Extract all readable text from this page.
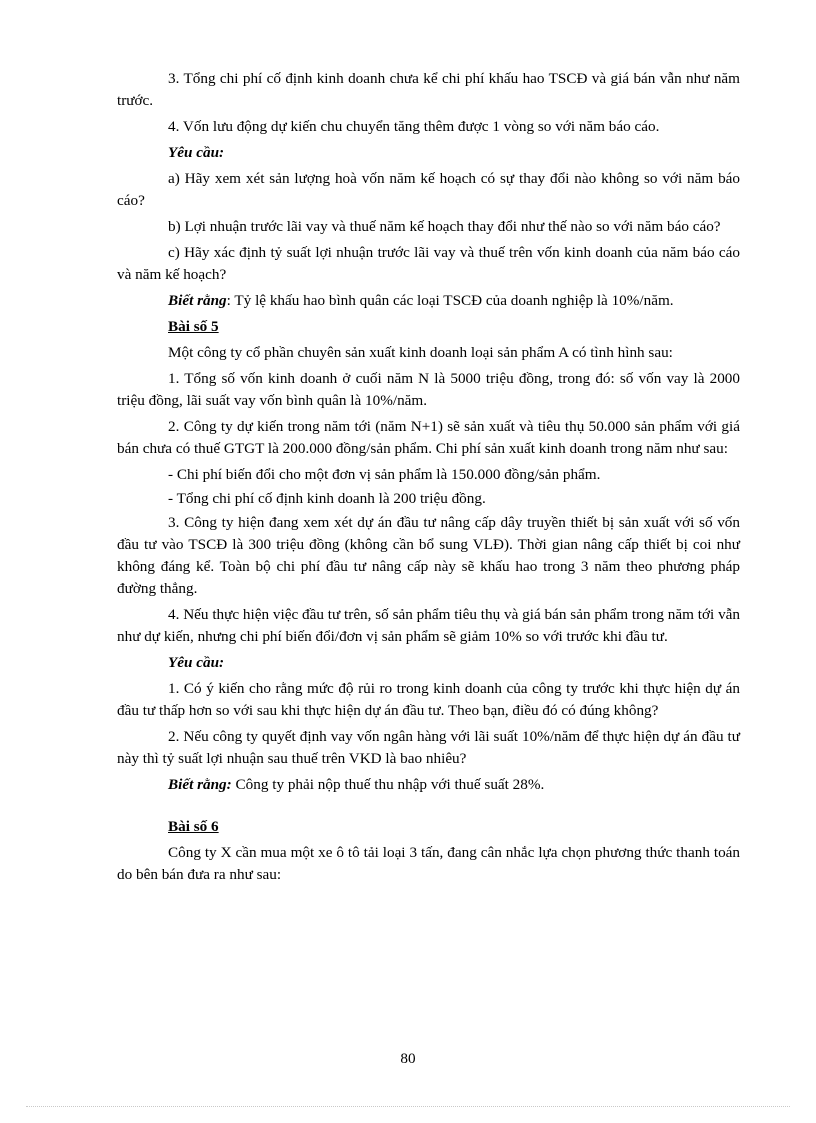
3. Tổng chi phí cố định kinh doanh chưa kể chi phí khấu hao TSCĐ và giá bán vẫn như năm trước.

4. Vốn lưu động dự kiến chu chuyển tăng thêm được 1 vòng so với năm báo cáo.

Yêu cầu:

a) Hãy xem xét sản lượng hoà vốn năm kế hoạch có sự thay đổi nào không so với năm báo cáo?

b) Lợi nhuận trước lãi vay và thuế năm kế hoạch thay đổi như thế nào so với năm báo cáo?

c) Hãy xác định tỷ suất lợi nhuận trước lãi vay và thuế trên vốn kinh doanh của năm báo cáo và năm kế hoạch?

Biết rằng: Tỷ lệ khấu hao bình quân các loại TSCĐ của doanh nghiệp là 10%/năm.

Bài số 5

Một công ty cổ phần chuyên sản xuất kinh doanh loại sản phẩm A có tình hình sau:

1. Tổng số vốn kinh doanh ở cuối năm N là 5000 triệu đồng, trong đó: số vốn vay là 2000 triệu đồng, lãi suất vay vốn bình quân là 10%/năm.

2. Công ty dự kiến trong năm tới (năm N+1) sẽ sản xuất và tiêu thụ 50.000 sản phẩm với giá bán chưa có thuế GTGT là 200.000 đồng/sản phẩm. Chi phí sản xuất kinh doanh trong năm như sau:

- Chi phí biến đổi cho một đơn vị sản phẩm là 150.000 đồng/sản phẩm.

- Tổng chi phí cố định kinh doanh là 200 triệu đồng.

3. Công ty hiện đang xem xét dự án đầu tư nâng cấp dây truyền thiết bị sản xuất với số vốn đầu tư vào TSCĐ là 300 triệu đồng (không cần bổ sung VLĐ). Thời gian nâng cấp thiết bị coi như không đáng kể. Toàn bộ chi phí đầu tư nâng cấp này sẽ khấu hao trong 3 năm theo phương pháp đường thẳng.

4. Nếu thực hiện việc đầu tư trên, số sản phẩm tiêu thụ và giá bán sản phẩm trong năm tới vẫn như dự kiến, nhưng chi phí biến đổi/đơn vị sản phẩm sẽ giảm 10% so với trước khi đầu tư.

Yêu cầu:

1. Có ý kiến cho rằng mức độ rủi ro trong kinh doanh của công ty trước khi thực hiện dự án đầu tư thấp hơn so với sau khi thực hiện dự án đầu tư. Theo bạn, điều đó có đúng không?

2. Nếu công ty quyết định vay vốn ngân hàng với lãi suất 10%/năm để thực hiện dự án đầu tư này thì tỷ suất lợi nhuận sau thuế trên VKD là bao nhiêu?

Biết rằng: Công ty phải nộp thuế thu nhập với thuế suất 28%.

Bài số 6

Công ty X cần mua một xe ô tô tải loại 3 tấn, đang cân nhắc lựa chọn phương thức thanh toán do bên bán đưa ra như sau:

80
